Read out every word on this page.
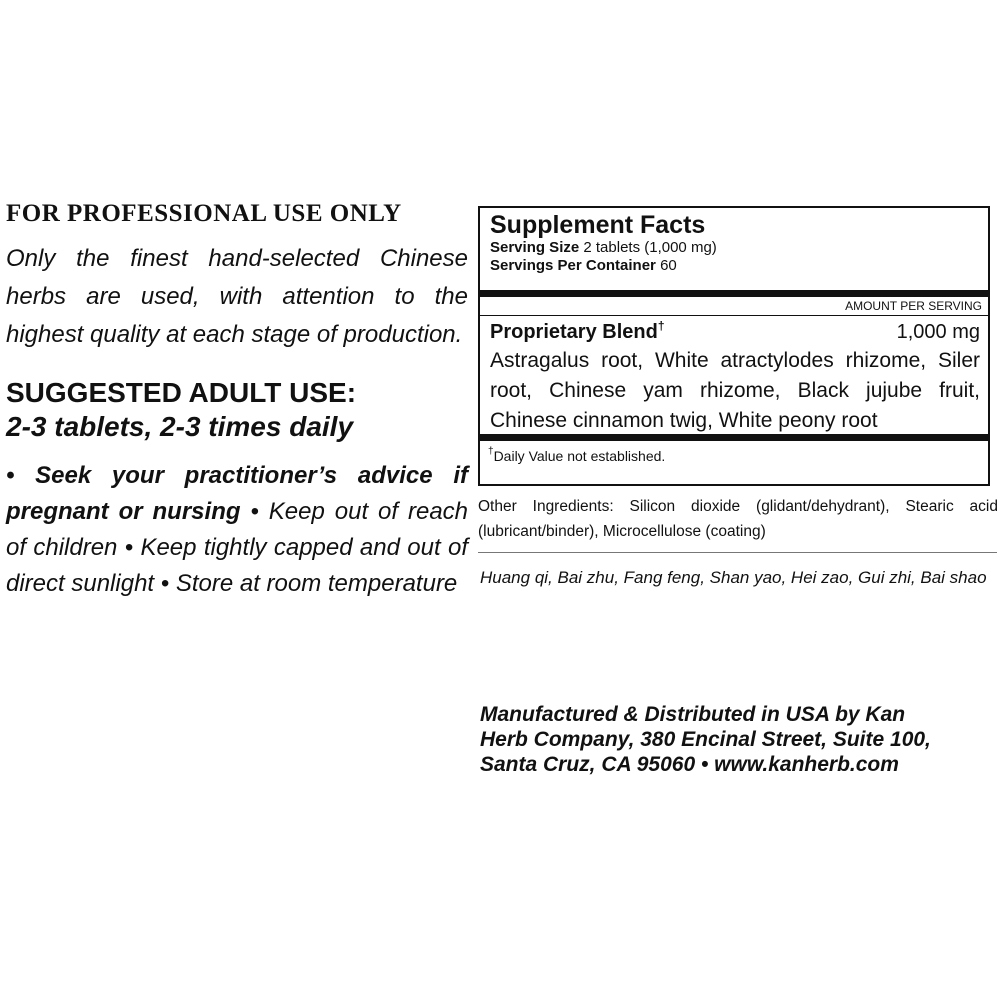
FOR PROFESSIONAL USE ONLY

Only the finest hand-selected Chinese herbs are used, with attention to the highest quality at each stage of production.

SUGGESTED ADULT USE:

2-3 tablets, 2-3 times daily

• Seek your practitioner’s advice if pregnant or nursing • Keep out of reach of children • Keep tightly capped and out of direct sunlight • Store at room temperature

Supplement Facts
Serving Size 2 tablets (1,000 mg)
Servings Per Container 60
AMOUNT PER SERVING
Proprietary Blend†	1,000 mg
Astragalus root, White atractylodes rhizome, Siler root, Chinese yam rhizome, Black jujube fruit, Chinese cinnamon twig, White peony root
†Daily Value not established.
Other Ingredients: Silicon dioxide (glidant/dehydrant), Stearic acid (lubricant/binder), Microcellulose (coating)
Huang qi, Bai zhu, Fang feng, Shan yao, Hei zao, Gui zhi, Bai shao
Manufactured & Distributed in USA by Kan
Herb Company, 380 Encinal Street, Suite 100,
Santa Cruz, CA 95060 • www.kanherb.com
